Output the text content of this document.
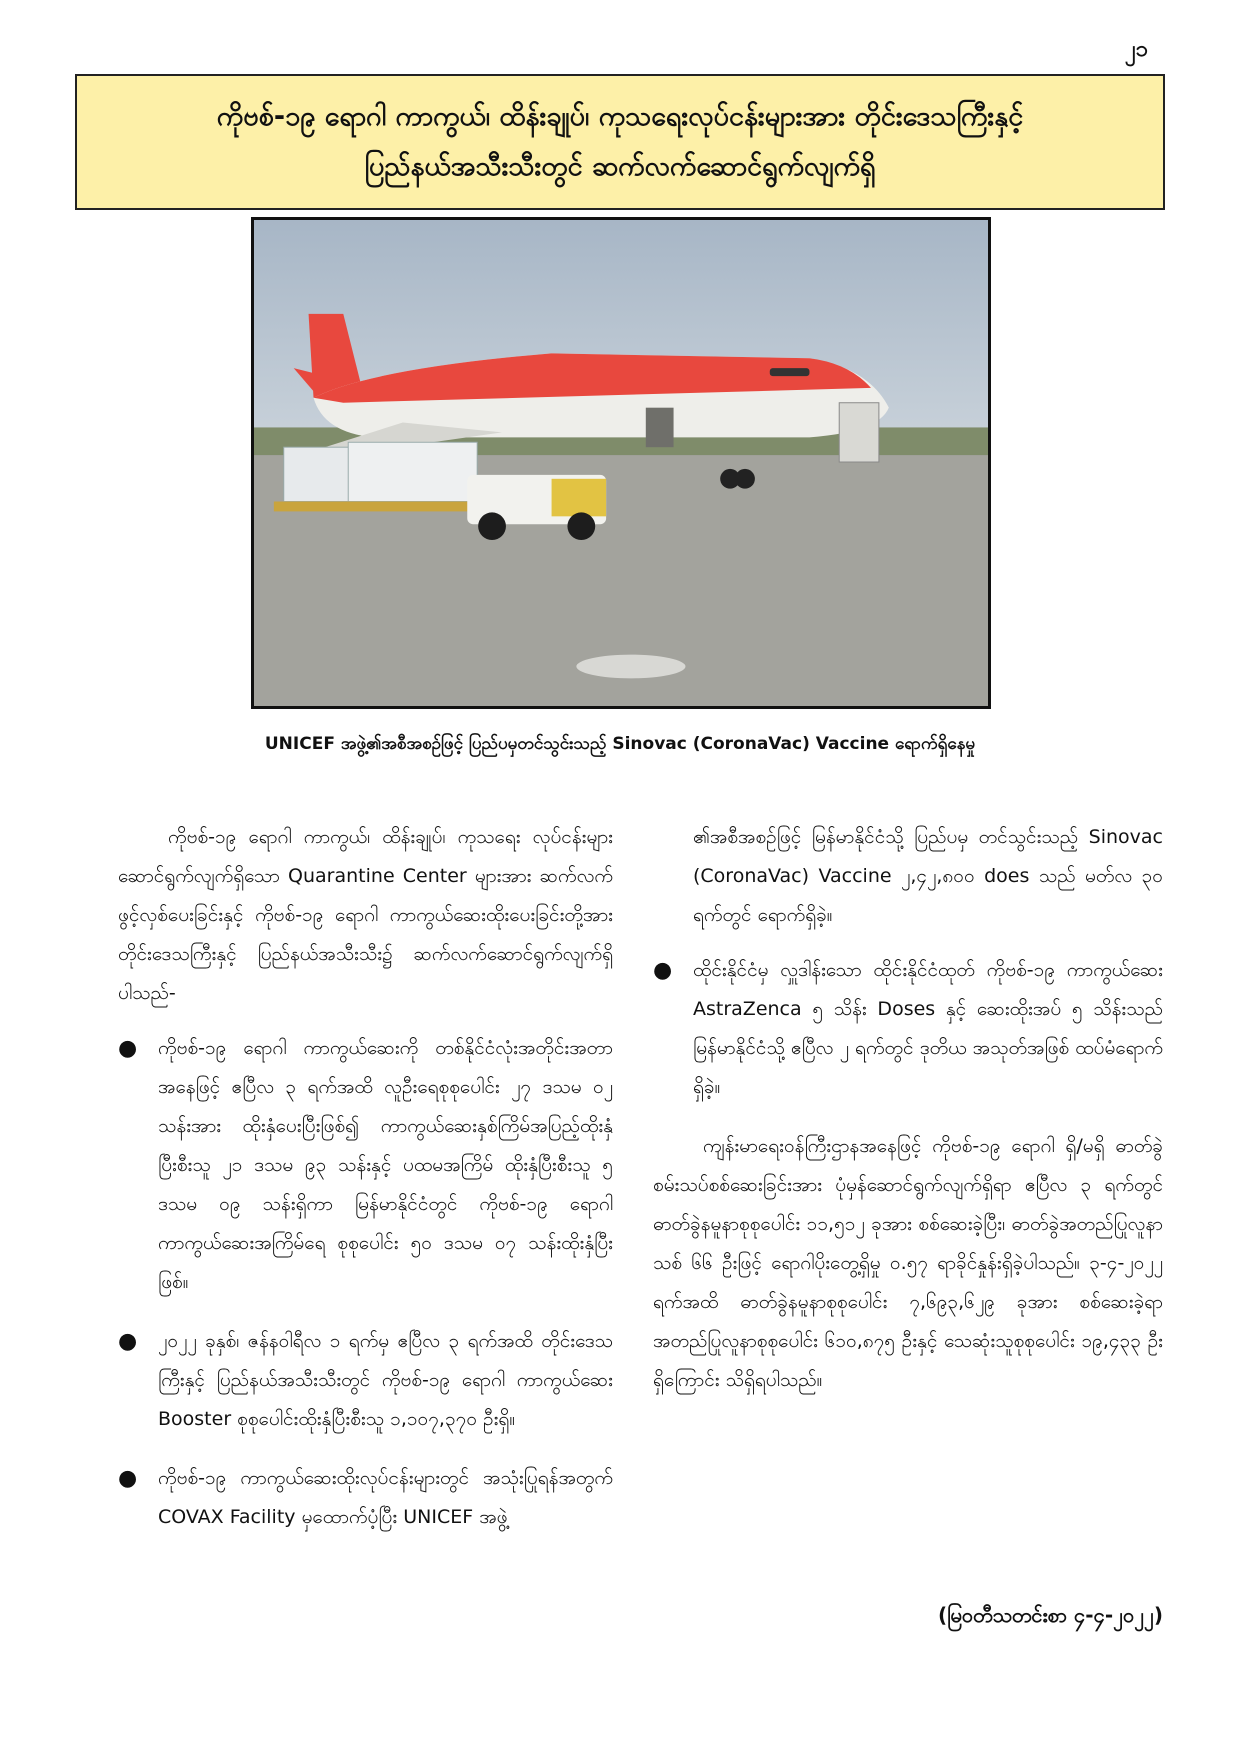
၂၁
ကိုဗစ်-၁၉ ရောဂါ ကာကွယ်၊ ထိန်းချုပ်၊ ကုသရေးလုပ်ငန်းများအား တိုင်းဒေသကြီးနှင့်
ပြည်နယ်အသီးသီးတွင် ဆက်လက်ဆောင်ရွက်လျက်ရှိ
UNICEF အဖွဲ့၏အစီအစဉ်ဖြင့် ပြည်ပမှတင်သွင်းသည့် Sinovac (CoronaVac) Vaccine ရောက်ရှိနေမှု

ကိုဗစ်-၁၉ ရောဂါ ကာကွယ်၊ ထိန်းချုပ်၊ ကုသရေး လုပ်ငန်းများ ဆောင်ရွက်လျက်ရှိသော Quarantine Center များအား ဆက်လက်ဖွင့်လှစ်ပေးခြင်းနှင့် ကိုဗစ်-၁၉ ရောဂါ ကာကွယ်ဆေးထိုးပေးခြင်းတို့အား တိုင်းဒေသကြီးနှင့် ပြည်နယ်အသီးသီး၌ ဆက်လက်ဆောင်ရွက်လျက်ရှိပါသည်-

● ကိုဗစ်-၁၉ ရောဂါ ကာကွယ်ဆေးကို တစ်နိုင်ငံလုံးအတိုင်းအတာအနေဖြင့် ဧပြီလ ၃ ရက်အထိ လူဦးရေစုစုပေါင်း ၂၇ ဒသမ ၀၂ သန်းအား ထိုးနှံပေးပြီးဖြစ်၍ ကာကွယ်ဆေးနှစ်ကြိမ်အပြည့်ထိုးနှံပြီးစီးသူ ၂၁ ဒသမ ၉၃ သန်းနှင့် ပထမအကြိမ် ထိုးနှံပြီးစီးသူ ၅ ဒသမ ၀၉ သန်းရှိကာ မြန်မာနိုင်ငံတွင် ကိုဗစ်-၁၉ ရောဂါ ကာကွယ်ဆေးအကြိမ်ရေ စုစုပေါင်း ၅၀ ဒသမ ၀၇ သန်းထိုးနှံပြီးဖြစ်။
● ၂၀၂၂ ခုနှစ်၊ ဇန်နဝါရီလ ၁ ရက်မှ ဧပြီလ ၃ ရက်အထိ တိုင်းဒေသကြီးနှင့် ပြည်နယ်အသီးသီးတွင် ကိုဗစ်-၁၉ ရောဂါ ကာကွယ်ဆေး Booster စုစုပေါင်းထိုးနှံပြီးစီးသူ ၁,၁၀၇,၃၇၀ ဦးရှိ။
● ကိုဗစ်-၁၉ ကာကွယ်ဆေးထိုးလုပ်ငန်းများတွင် အသုံးပြုရန်အတွက် COVAX Facility မှထောက်ပံ့ပြီး UNICEF အဖွဲ့

၏အစီအစဉ်ဖြင့် မြန်မာနိုင်ငံသို့ ပြည်ပမှ တင်သွင်းသည့် Sinovac (CoronaVac) Vaccine ၂,၄၂,၈၀၀ does သည် မတ်လ ၃၀ ရက်တွင် ရောက်ရှိခဲ့။

● ထိုင်းနိုင်ငံမှ လှူဒါန်းသော ထိုင်းနိုင်ငံထုတ် ကိုဗစ်-၁၉ ကာကွယ်ဆေး AstraZenca ၅ သိန်း Doses နှင့် ဆေးထိုးအပ် ၅ သိန်းသည် မြန်မာနိုင်ငံသို့ ဧပြီလ ၂ ရက်တွင် ဒုတိယ အသုတ်အဖြစ် ထပ်မံရောက်ရှိခဲ့။

ကျန်းမာရေးဝန်ကြီးဌာနအနေဖြင့် ကိုဗစ်-၁၉ ရောဂါ ရှိ/မရှိ ဓာတ်ခွဲစမ်းသပ်စစ်ဆေးခြင်းအား ပုံမှန်ဆောင်ရွက်လျက်ရှိရာ ဧပြီလ ၃ ရက်တွင် ဓာတ်ခွဲနမူနာစုစုပေါင်း ၁၁,၅၁၂ ခုအား စစ်ဆေးခဲ့ပြီး၊ ဓာတ်ခွဲအတည်ပြုလူနာသစ် ၆၆ ဦးဖြင့် ရောဂါပိုးတွေ့ရှိမှု ၀.၅၇ ရာခိုင်နှုန်းရှိခဲ့ပါသည်။ ၃-၄-၂၀၂၂ ရက်အထိ ဓာတ်ခွဲနမူနာစုစုပေါင်း ၇,၆၉၃,၆၂၉ ခုအား စစ်ဆေးခဲ့ရာ အတည်ပြုလူနာစုစုပေါင်း ၆၁၀,၈၇၅ ဦးနှင့် သေဆုံးသူစုစုပေါင်း ၁၉,၄၃၃ ဦးရှိကြောင်း သိရှိရပါသည်။

(မြဝတီသတင်းစာ ၄-၄-၂၀၂၂)
